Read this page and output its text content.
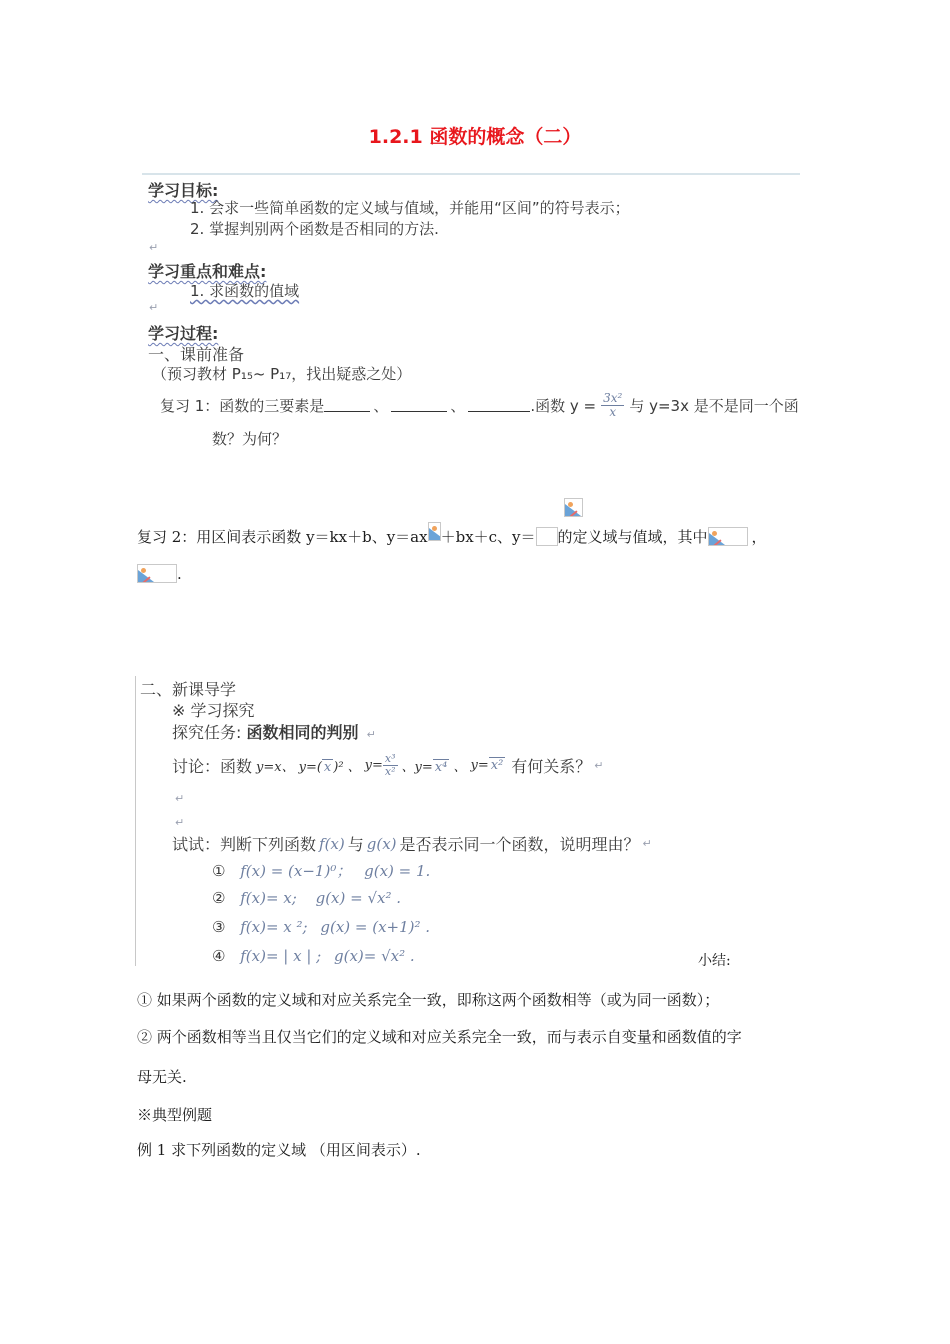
1.2.1 函数的概念（二）
学习目标:
1. 会求一些简单函数的定义域与值域，并能用“区间”的符号表示；
2. 掌握判别两个函数是否相同的方法.
↵
学习重点和难点:
1. 求函数的值域
↵
学习过程:
一、课前准备
（预习教材 P₁₅~ P₁₇，找出疑惑之处）
复习 1：函数的三要素是	、	、	.函数 $y = \frac{\text{3x²}}{x}$ 与 y=3x 是不是同一个函
数？为何？
复习 2：用区间表示函数 y＝kx＋b、y＝ax ＋bx＋c、y＝ 的定义域与值域，其中	，
.
二、新课导学
※ 学习探究
探究任务: 函数相同的判别 ↵
讨论：函数 y=x、 y=( x )² 、 $y= \frac{\text{x³}}{\text{x²}}$ 、y= x⁴ 、 y= x² 有何关系？ ↵
↵
↵
试试：判断下列函数 f(x) 与 g(x) 是否表示同一个函数，说明理由？ ↵
① f(x) = (x−1)⁰； g(x) = 1.
② f(x)= x; g(x) = √x² .
③ f(x)= x ²; g(x) = (x+1)² .
④ f(x)= | x | ; g(x)= √x² .	小结:
① 如果两个函数的定义域和对应关系完全一致，即称这两个函数相等（或为同一函数）；
② 两个函数相等当且仅当它们的定义域和对应关系完全一致，而与表示自变量和函数值的字
母无关.
※典型例题
例 1 求下列函数的定义域 （用区间表示）.
